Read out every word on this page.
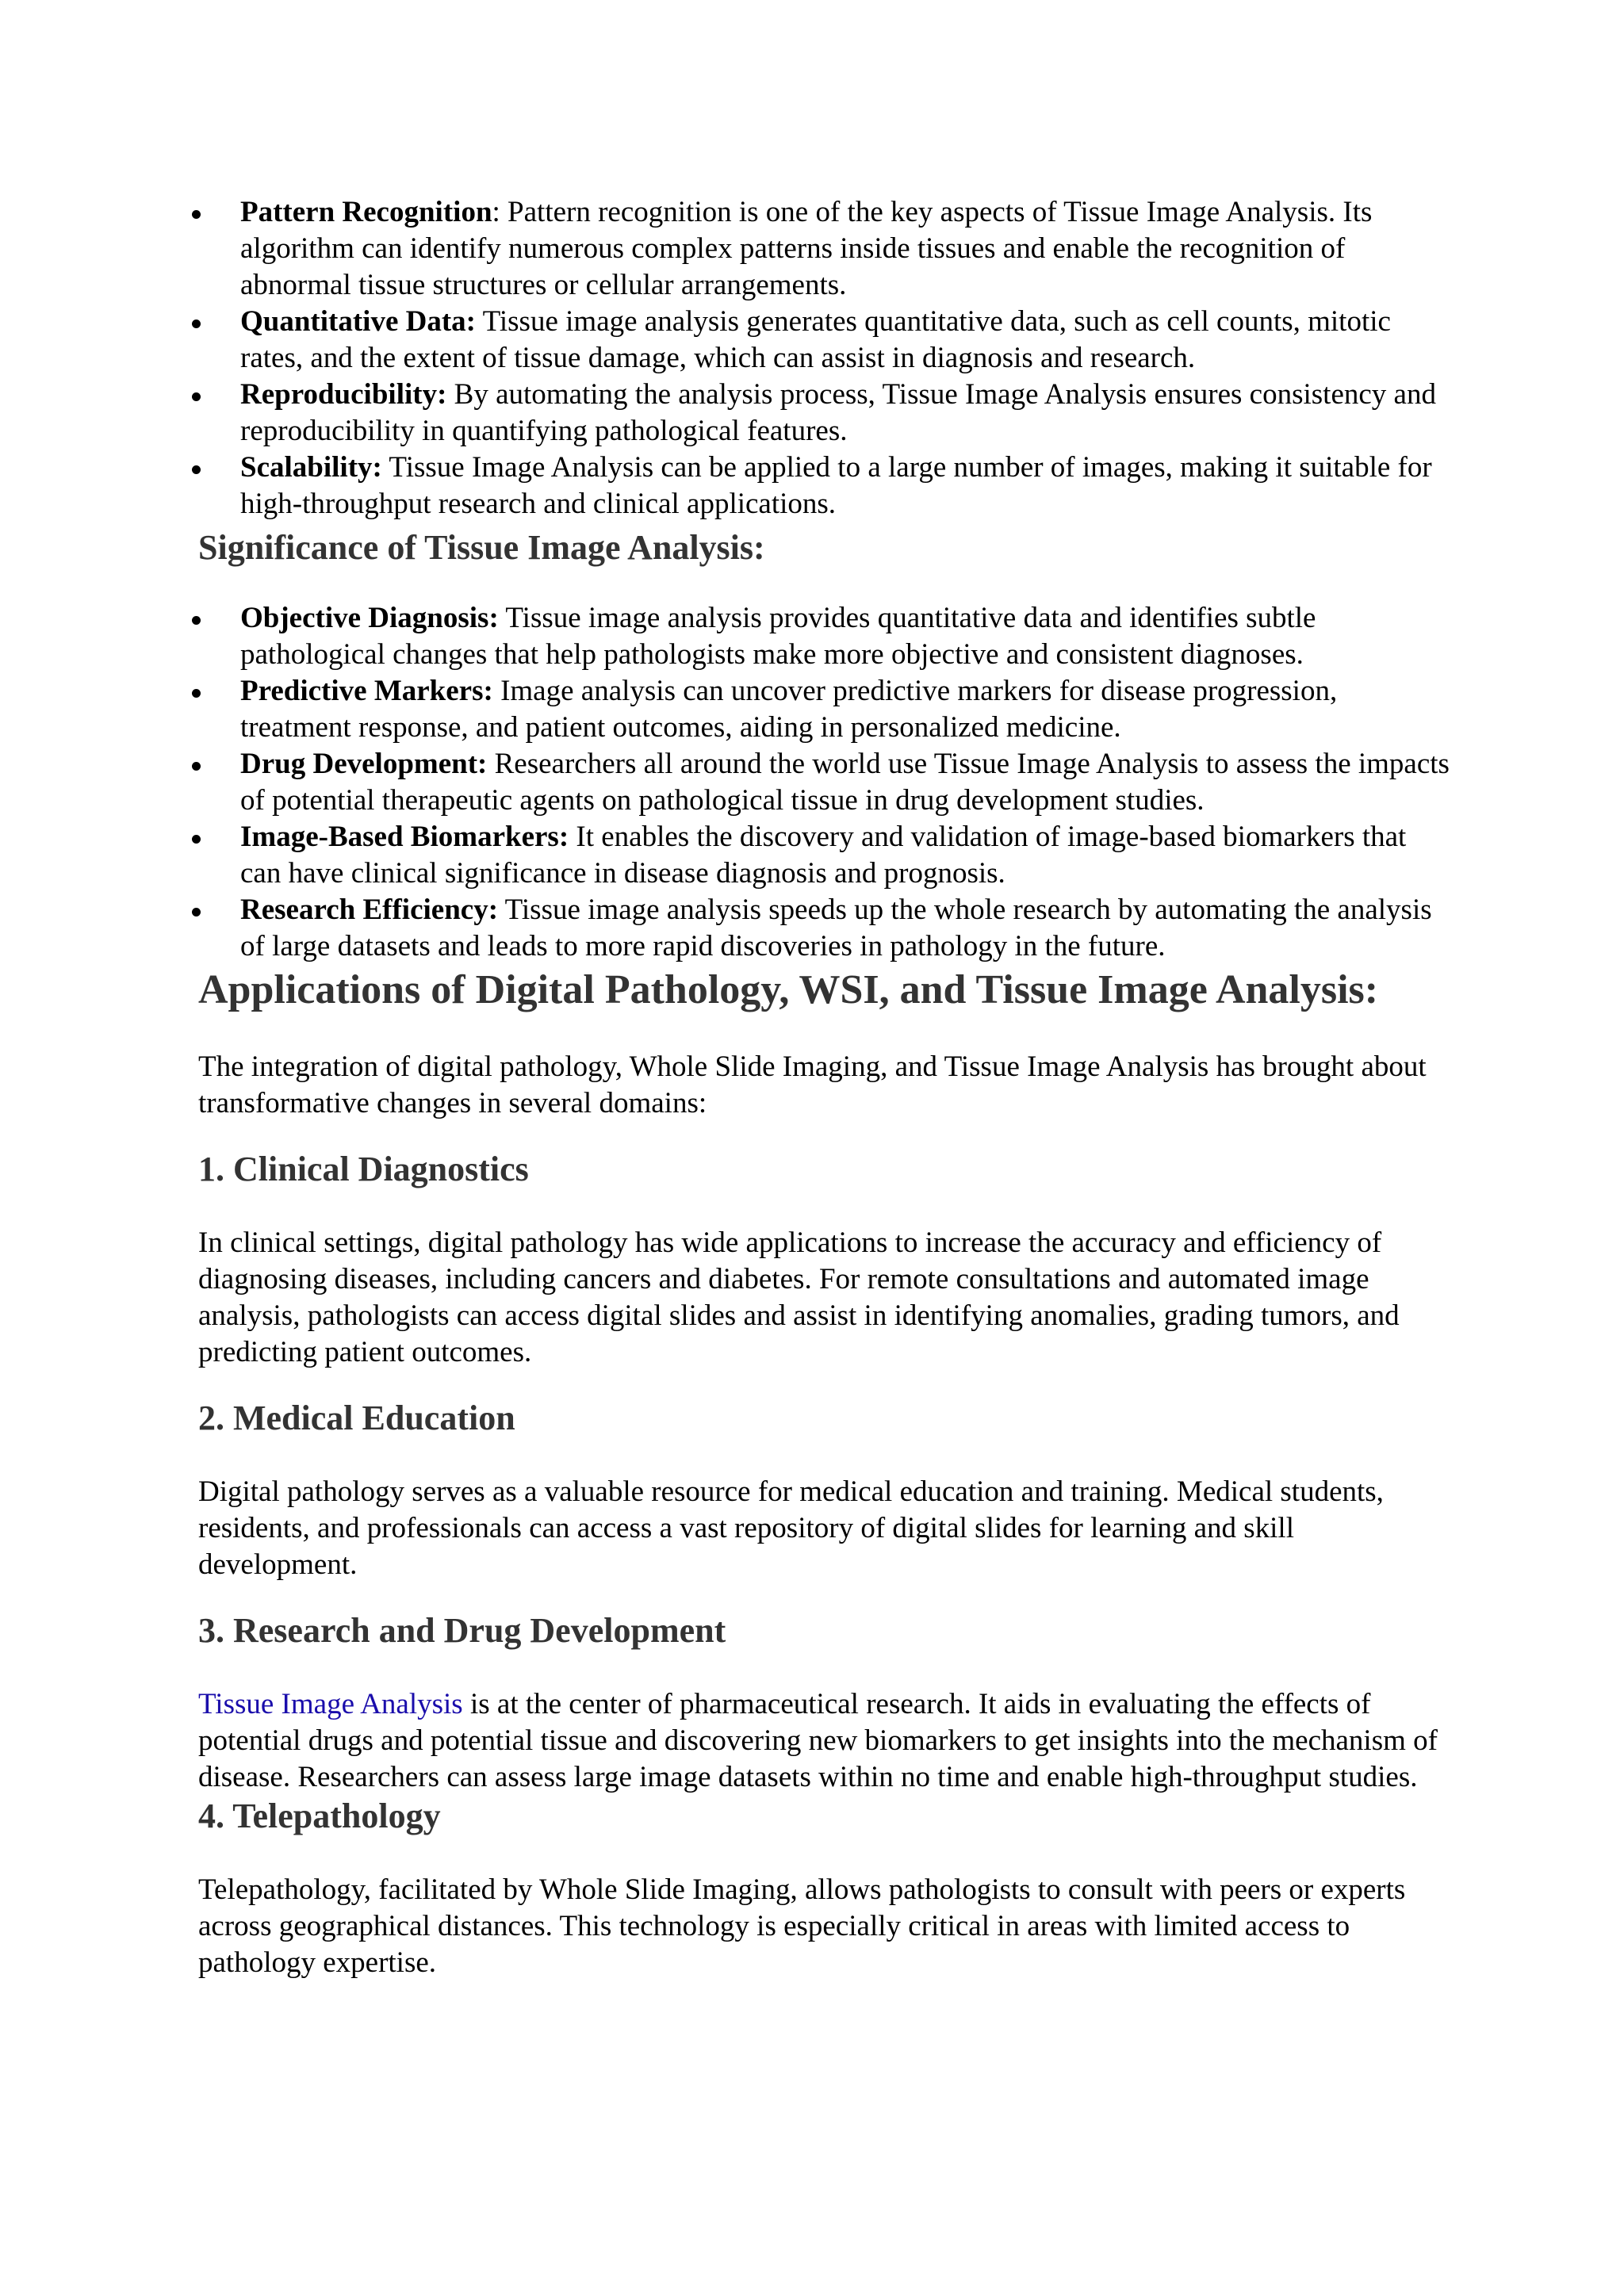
Pattern Recognition: Pattern recognition is one of the key aspects of Tissue Image Analysis. Its algorithm can identify numerous complex patterns inside tissues and enable the recognition of abnormal tissue structures or cellular arrangements.
Quantitative Data: Tissue image analysis generates quantitative data, such as cell counts, mitotic rates, and the extent of tissue damage, which can assist in diagnosis and research.
Reproducibility: By automating the analysis process, Tissue Image Analysis ensures consistency and reproducibility in quantifying pathological features.
Scalability: Tissue Image Analysis can be applied to a large number of images, making it suitable for high-throughput research and clinical applications.
Significance of Tissue Image Analysis:
Objective Diagnosis: Tissue image analysis provides quantitative data and identifies subtle pathological changes that help pathologists make more objective and consistent diagnoses.
Predictive Markers: Image analysis can uncover predictive markers for disease progression, treatment response, and patient outcomes, aiding in personalized medicine.
Drug Development: Researchers all around the world use Tissue Image Analysis to assess the impacts of potential therapeutic agents on pathological tissue in drug development studies.
Image-Based Biomarkers: It enables the discovery and validation of image-based biomarkers that can have clinical significance in disease diagnosis and prognosis.
Research Efficiency: Tissue image analysis speeds up the whole research by automating the analysis of large datasets and leads to more rapid discoveries in pathology in the future.
Applications of Digital Pathology, WSI, and Tissue Image Analysis:

The integration of digital pathology, Whole Slide Imaging, and Tissue Image Analysis has brought about transformative changes in several domains:

1. Clinical Diagnostics

In clinical settings, digital pathology has wide applications to increase the accuracy and efficiency of diagnosing diseases, including cancers and diabetes. For remote consultations and automated image analysis, pathologists can access digital slides and assist in identifying anomalies, grading tumors, and predicting patient outcomes.

2. Medical Education

Digital pathology serves as a valuable resource for medical education and training. Medical students, residents, and professionals can access a vast repository of digital slides for learning and skill development.

3. Research and Drug Development

Tissue Image Analysis is at the center of pharmaceutical research. It aids in evaluating the effects of potential drugs and potential tissue and discovering new biomarkers to get insights into the mechanism of disease. Researchers can assess large image datasets within no time and enable high-throughput studies.

4. Telepathology

Telepathology, facilitated by Whole Slide Imaging, allows pathologists to consult with peers or experts across geographical distances. This technology is especially critical in areas with limited access to pathology expertise.
